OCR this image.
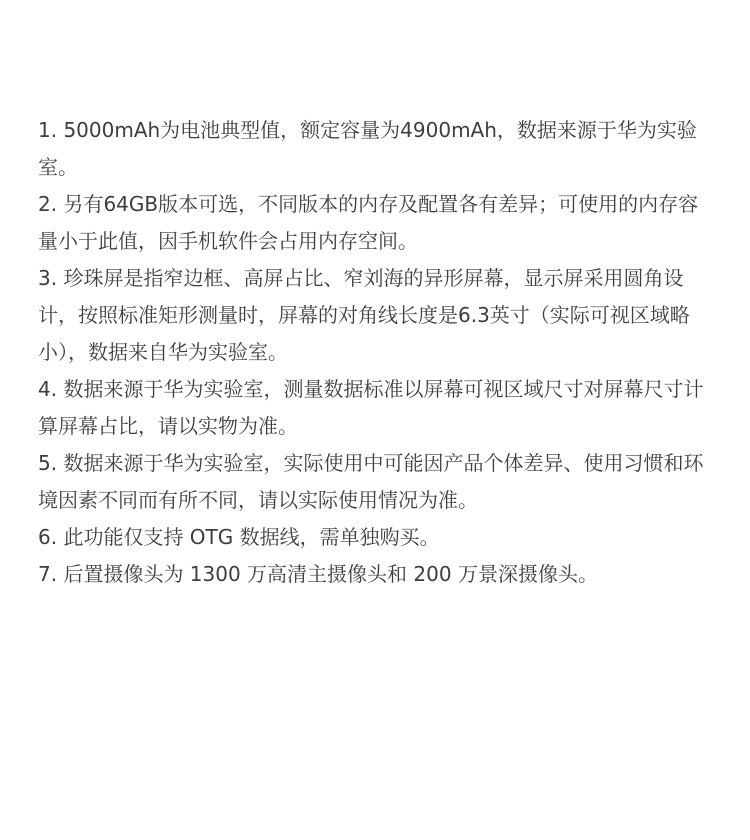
1. 5000mAh为电池典型值，额定容量为4900mAh，数据来源于华为实验室。
2. 另有64GB版本可选，不同版本的内存及配置各有差异；可使用的内存容量小于此值，因手机软件会占用内存空间。
3. 珍珠屏是指窄边框、高屏占比、窄刘海的异形屏幕，显示屏采用圆角设计，按照标准矩形测量时，屏幕的对角线长度是6.3英寸（实际可视区域略小），数据来自华为实验室。
4. 数据来源于华为实验室，测量数据标准以屏幕可视区域尺寸对屏幕尺寸计算屏幕占比，请以实物为准。
5. 数据来源于华为实验室，实际使用中可能因产品个体差异、使用习惯和环境因素不同而有所不同，请以实际使用情况为准。
6. 此功能仅支持 OTG 数据线，需单独购买。
7. 后置摄像头为 1300 万高清主摄像头和 200 万景深摄像头。
